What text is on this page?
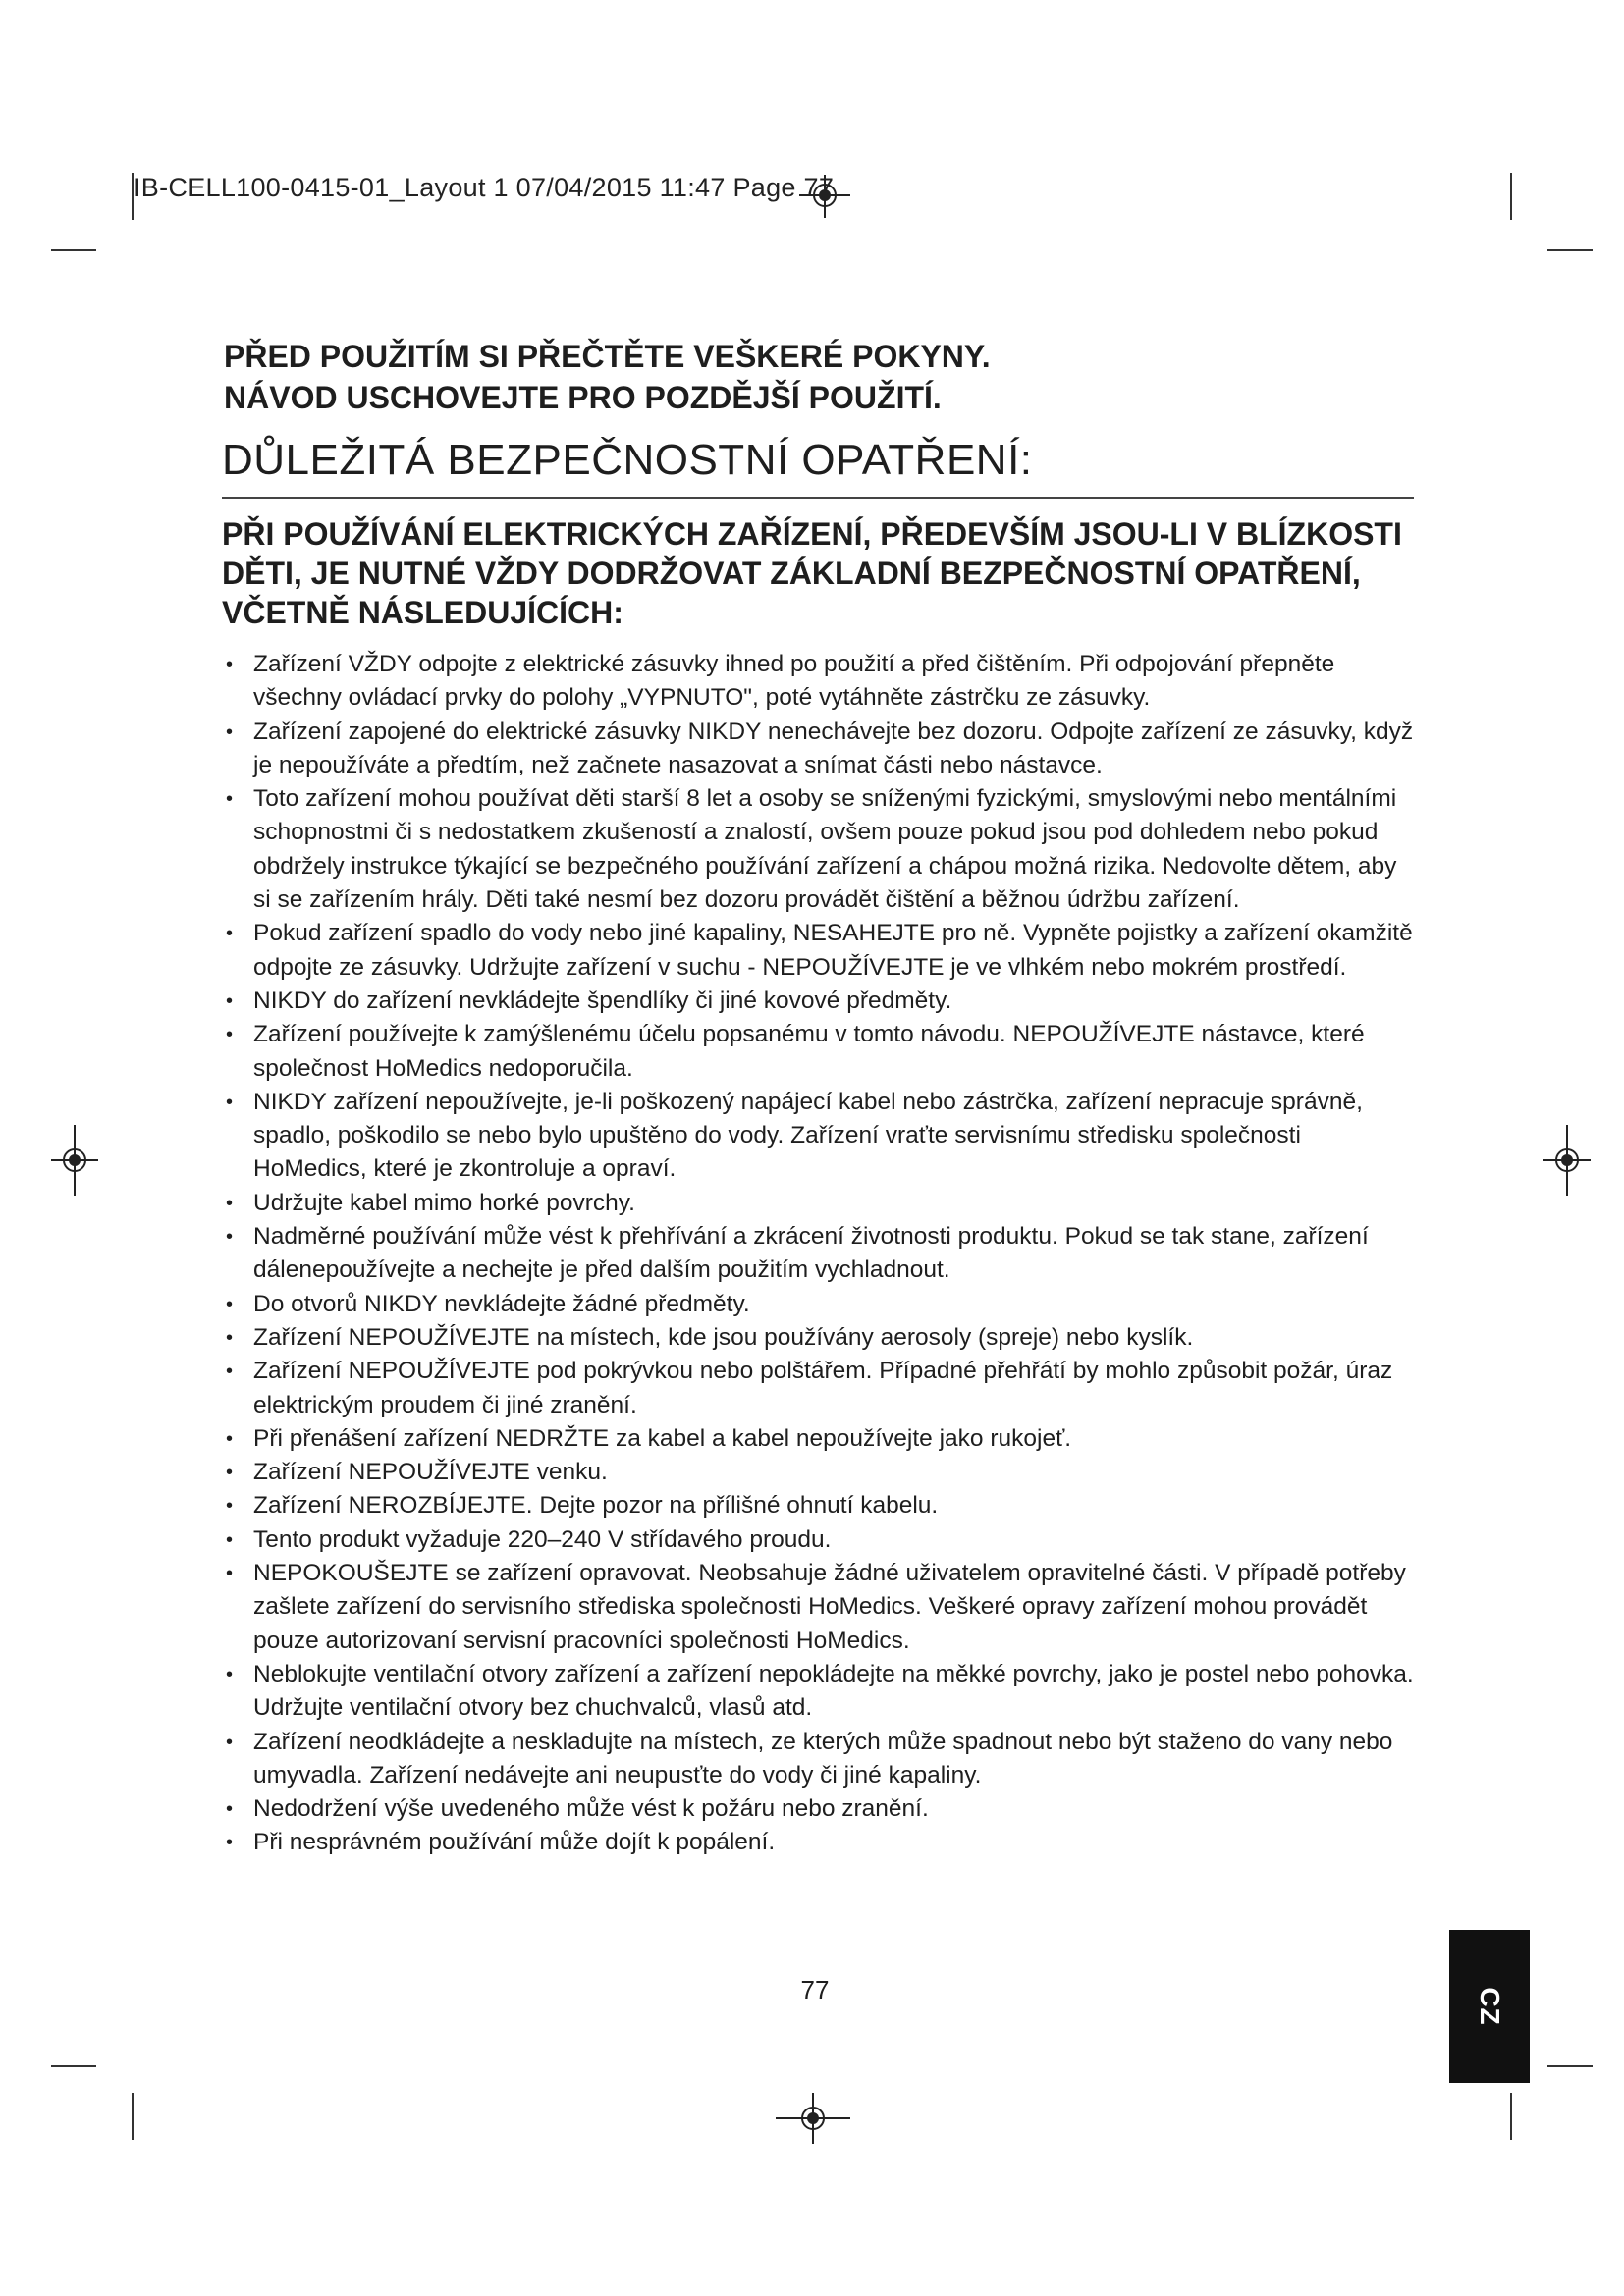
IB-CELL100-0415-01_Layout 1 07/04/2015 11:47 Page 77
PŘED POUŽITÍM SI PŘEČTĚTE VEŠKERÉ POKYNY.
NÁVOD USCHOVEJTE PRO POZDĚJŠÍ POUŽITÍ.
DŮLEŽITÁ BEZPEČNOSTNÍ OPATŘENÍ:
PŘI POUŽÍVÁNÍ ELEKTRICKÝCH ZAŘÍZENÍ, PŘEDEVŠÍM JSOU-LI V BLÍZKOSTI
DĚTI, JE NUTNÉ VŽDY DODRŽOVAT ZÁKLADNÍ BEZPEČNOSTNÍ OPATŘENÍ,
VČETNĚ NÁSLEDUJÍCÍCH:
• Zařízení VŽDY odpojte z elektrické zásuvky ihned po použití a před čištěním. Při odpojování přepněte všechny ovládací prvky do polohy „VYPNUTO", poté vytáhněte zástrčku ze zásuvky.
• Zařízení zapojené do elektrické zásuvky NIKDY nenechávejte bez dozoru. Odpojte zařízení ze zásuvky, když je nepoužíváte a předtím, než začnete nasazovat a snímat části nebo nástavce.
• Toto zařízení mohou používat děti starší 8 let a osoby se sníženými fyzickými, smyslovými nebo mentálními schopnostmi či s nedostatkem zkušeností a znalostí, ovšem pouze pokud jsou pod dohledem nebo pokud obdržely instrukce týkající se bezpečného používání zařízení a chápou možná rizika. Nedovolte dětem, aby si se zařízením hrály. Děti také nesmí bez dozoru provádět čištění a běžnou údržbu zařízení.
• Pokud zařízení spadlo do vody nebo jiné kapaliny, NESAHEJTE pro ně. Vypněte pojistky a zařízení okamžitě odpojte ze zásuvky. Udržujte zařízení v suchu - NEPOUŽÍVEJTE je ve vlhkém nebo mokrém prostředí.
• NIKDY do zařízení nevkládejte špendlíky či jiné kovové předměty.
• Zařízení používejte k zamýšlenému účelu popsanému v tomto návodu. NEPOUŽÍVEJTE nástavce, které společnost HoMedics nedoporučila.
• NIKDY zařízení nepoužívejte, je-li poškozený napájecí kabel nebo zástrčka, zařízení nepracuje správně, spadlo, poškodilo se nebo bylo upuštěno do vody. Zařízení vraťte servisnímu středisku společnosti HoMedics, které je zkontroluje a opraví.
• Udržujte kabel mimo horké povrchy.
• Nadměrné používání může vést k přehřívání a zkrácení životnosti produktu. Pokud se tak stane, zařízení dálenepoužívejte a nechejte je před dalším použitím vychladnout.
• Do otvorů NIKDY nevkládejte žádné předměty.
• Zařízení NEPOUŽÍVEJTE na místech, kde jsou používány aerosoly (spreje) nebo kyslík.
• Zařízení NEPOUŽÍVEJTE pod pokrývkou nebo polštářem. Případné přehřátí by mohlo způsobit požár, úraz elektrickým proudem či jiné zranění.
• Při přenášení zařízení NEDRŽTE za kabel a kabel nepoužívejte jako rukojeť.
• Zařízení NEPOUŽÍVEJTE venku.
• Zařízení NEROZBÍJEJTE. Dejte pozor na přílišné ohnutí kabelu.
• Tento produkt vyžaduje 220–240 V střídavého proudu.
• NEPOKOUŠEJTE se zařízení opravovat. Neobsahuje žádné uživatelem opravitelné části. V případě potřeby zašlete zařízení do servisního střediska společnosti HoMedics. Veškeré opravy zařízení mohou provádět pouze autorizovaní servisní pracovníci společnosti HoMedics.
• Neblokujte ventilační otvory zařízení a zařízení nepokládejte na měkké povrchy, jako je postel nebo pohovka.
Udržujte ventilační otvory bez chuchvalců, vlasů atd.
• Zařízení neodkládejte a neskladujte na místech, ze kterých může spadnout nebo být staženo do vany nebo umyvadla. Zařízení nedávejte ani neupusťte do vody či jiné kapaliny.
• Nedodržení výše uvedeného může vést k požáru nebo zranění.
• Při nesprávném používání může dojít k popálení.
77	CZ
